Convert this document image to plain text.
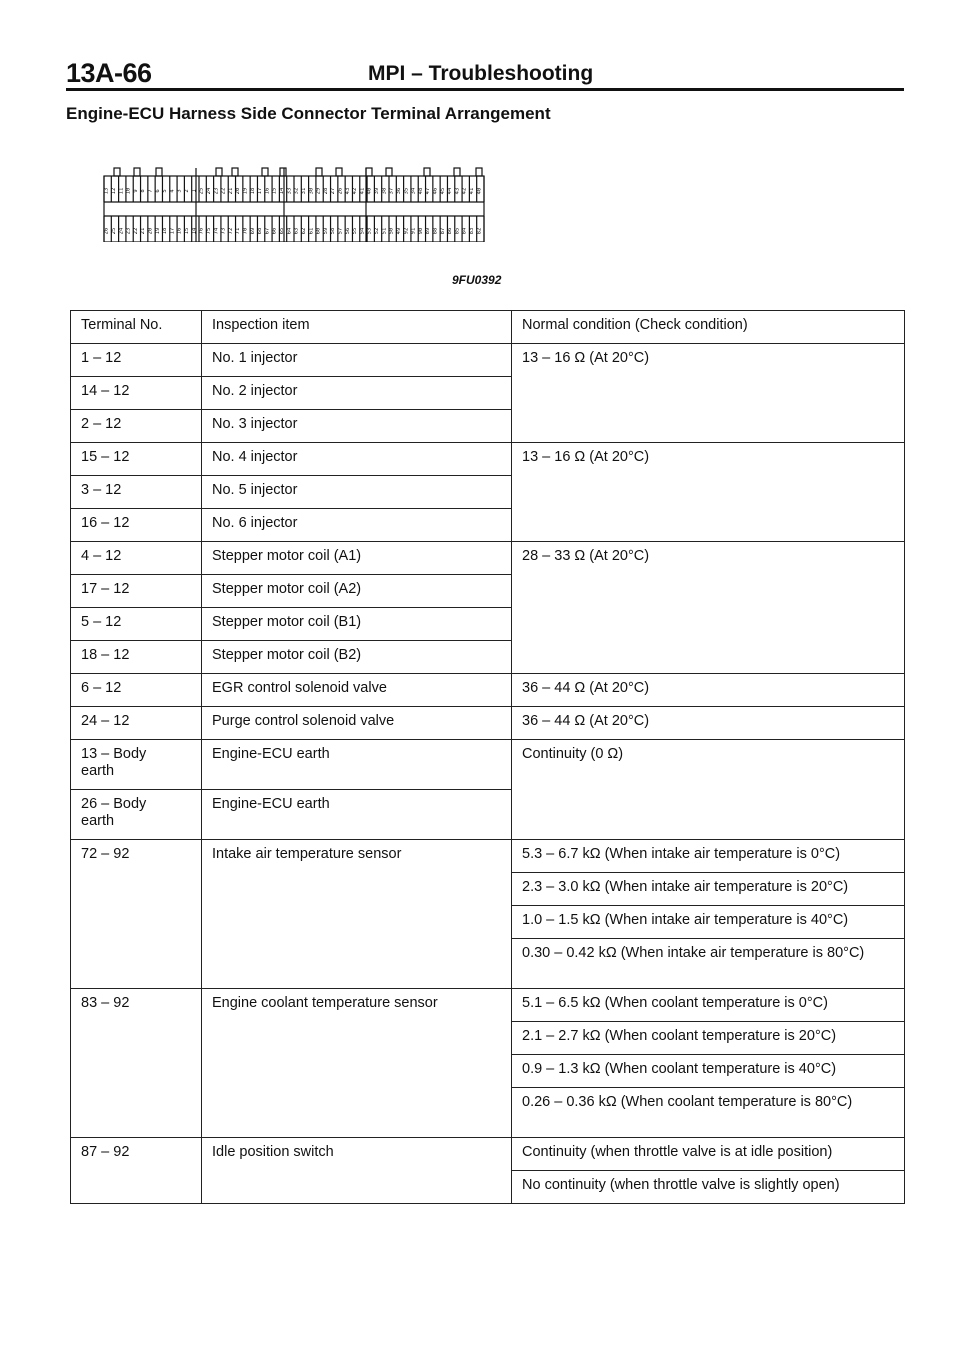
13A-66	MPI – Troubleshooting
Engine-ECU Harness Side Connector Terminal Arrangement
13 12 11 10 9 8 7 6 5 4 3 2 1 25 24 23 22 21 20 19 18 17 16 15 14 33 32 31 30 29 28 27 26 43 42 41 40 39 38 37 36 35 34 48 47 46 45 44 43 42 41 40
26 25 24 23 22 21 20 19 18 17 16 15 14 76 75 74 73 72 71 70 69 68 67 66 65 64 63 62 61 60 59 58 57 56 55 54 53 52 51 50 49 92 91 90 89 88 87 86 85 84 83 82
9FU0392
Terminal No.	Inspection item	Normal condition (Check condition)
1 – 12	No. 1 injector	13 – 16 Ω (At 20°C)
14 – 12	No. 2 injector	
2 – 12	No. 3 injector	
15 – 12	No. 4 injector	13 – 16 Ω (At 20°C)
3 – 12	No. 5 injector	
16 – 12	No. 6 injector	
4 – 12	Stepper motor coil (A1)	28 – 33 Ω (At 20°C)
17 – 12	Stepper motor coil (A2)	
5 – 12	Stepper motor coil (B1)	
18 – 12	Stepper motor coil (B2)	
6 – 12	EGR control solenoid valve	36 – 44 Ω (At 20°C)
24 – 12	Purge control solenoid valve	36 – 44 Ω (At 20°C)
13 – Body
earth	Engine-ECU earth	Continuity (0 Ω)
26 – Body
earth	Engine-ECU earth	
72 – 92	Intake air temperature sensor	5.3 – 6.7 kΩ (When intake air temperature is 0°C)
		2.3 – 3.0 kΩ (When intake air temperature is 20°C)
		1.0 – 1.5 kΩ (When intake air temperature is 40°C)
		0.30 – 0.42 kΩ (When intake air temperature is 80°C)
83 – 92	Engine coolant temperature sensor	5.1 – 6.5 kΩ (When coolant temperature is 0°C)
		2.1 – 2.7 kΩ (When coolant temperature is 20°C)
		0.9 – 1.3 kΩ (When coolant temperature is 40°C)
		0.26 – 0.36 kΩ (When coolant temperature is 80°C)
87 – 92	Idle position switch	Continuity (when throttle valve is at idle position)
		No continuity (when throttle valve is slightly open)
